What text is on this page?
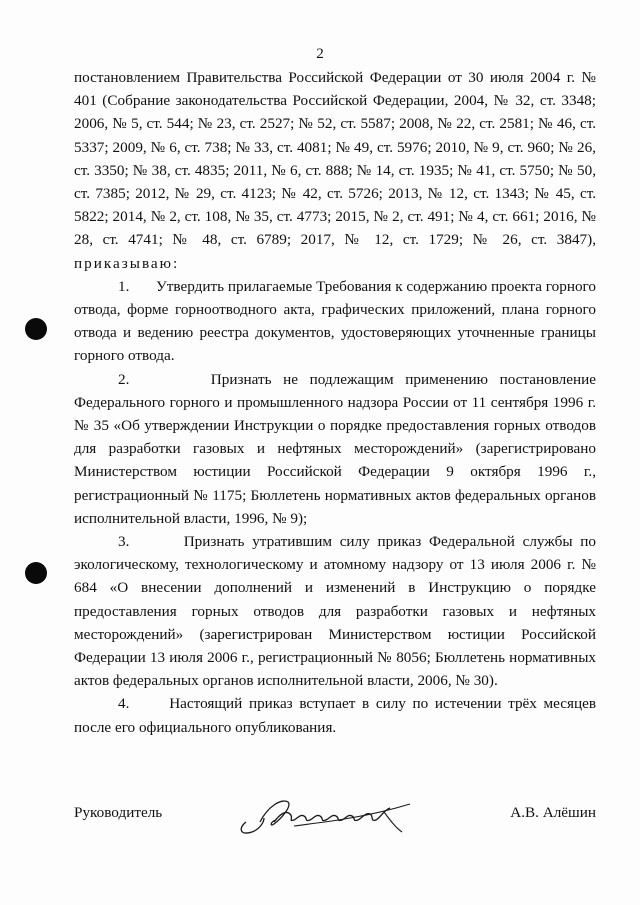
2

постановлением Правительства Российской Федерации от 30 июля 2004 г. № 401 (Собрание законодательства Российской Федерации, 2004, № 32, ст. 3348; 2006, № 5, ст. 544; № 23, ст. 2527; № 52, ст. 5587; 2008, № 22, ст. 2581; № 46, ст. 5337; 2009, № 6, ст. 738; № 33, ст. 4081; № 49, ст. 5976; 2010, № 9, ст. 960; № 26, ст. 3350; № 38, ст. 4835; 2011, № 6, ст. 888; № 14, ст. 1935; № 41, ст. 5750; № 50, ст. 7385; 2012, № 29, ст. 4123; № 42, ст. 5726; 2013, № 12, ст. 1343; № 45, ст. 5822; 2014, № 2, ст. 108, № 35, ст. 4773; 2015, № 2, ст. 491; № 4, ст. 661; 2016, № 28, ст. 4741; № 48, ст. 6789; 2017, № 12, ст. 1729; № 26, ст. 3847), приказываю:

1. Утвердить прилагаемые Требования к содержанию проекта горного отвода, форме горноотводного акта, графических приложений, плана горного отвода и ведению реестра документов, удостоверяющих уточненные границы горного отвода.

2.	Признать не подлежащим применению постановление Федерального горного и промышленного надзора России от 11 сентября 1996 г. № 35 «Об утверждении Инструкции о порядке предоставления горных отводов для разработки газовых и нефтяных месторождений» (зарегистрировано Министерством юстиции Российской Федерации 9 октября 1996 г., регистрационный № 1175; Бюллетень нормативных актов федеральных органов исполнительной власти, 1996, № 9);

3.	Признать утратившим силу приказ Федеральной службы по экологическому, технологическому и атомному надзору от 13 июля 2006 г. № 684 «О внесении дополнений и изменений в Инструкцию о порядке предоставления горных отводов для разработки газовых и нефтяных месторождений» (зарегистрирован Министерством юстиции Российской Федерации 13 июля 2006 г., регистрационный № 8056; Бюллетень нормативных актов федеральных органов исполнительной власти, 2006, № 30).

4.	Настоящий приказ вступает в силу по истечении трёх месяцев после его официального опубликования.

Руководитель	А.В. Алёшин
